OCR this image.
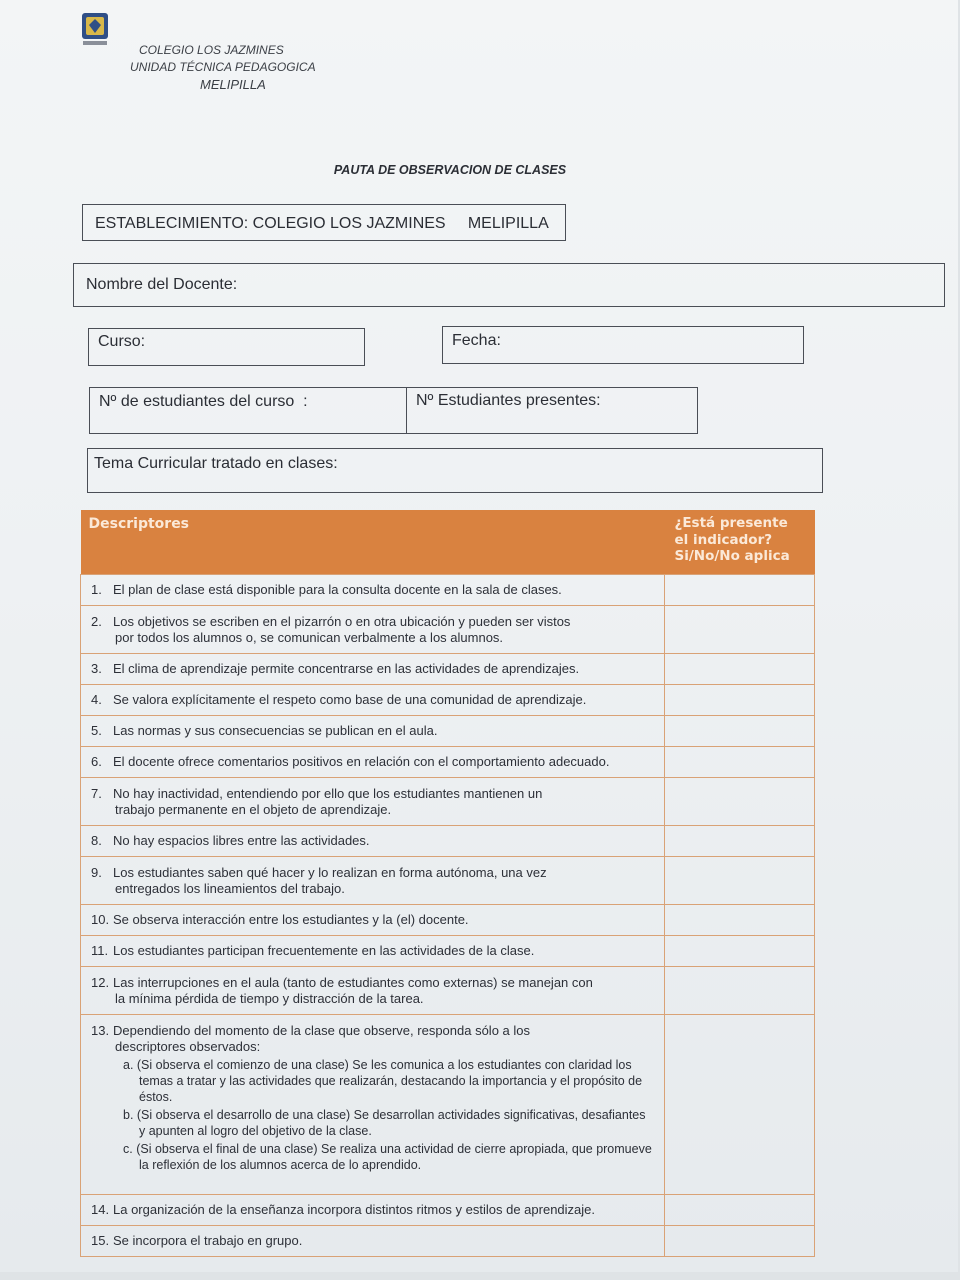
COLEGIO LOS JAZMINES
UNIDAD TÉCNICA PEDAGOGICA
MELIPILLA
PAUTA DE OBSERVACION DE CLASES
ESTABLECIMIENTO: COLEGIO LOS JAZMINES     MELIPILLA
Nombre del Docente:
Curso:	Fecha:
Nº de estudiantes del curso  :	Nº Estudiantes presentes:
Tema Curricular tratado en clases:
Descriptores	¿Está presente
el indicador?
Si/No/No aplica
1. El plan de clase está disponible para la consulta docente en la sala de clases.	
2. Los objetivos se escriben en el pizarrón o en otra ubicación y pueden ser vistos
por todos los alumnos o, se comunican verbalmente a los alumnos.	

3. El clima de aprendizaje permite concentrarse en las actividades de aprendizajes.	
4. Se valora explícitamente el respeto como base de una comunidad de aprendizaje.	
5. Las normas y sus consecuencias se publican en el aula.	
6. El docente ofrece comentarios positivos en relación con el comportamiento adecuado.	
7. No hay inactividad, entendiendo por ello que los estudiantes mantienen un
trabajo permanente en el objeto de aprendizaje.	

8. No hay espacios libres entre las actividades.	
9. Los estudiantes saben qué hacer y lo realizan en forma autónoma, una vez
entregados los lineamientos del trabajo.	

10. Se observa interacción entre los estudiantes y la (el) docente.	
11. Los estudiantes participan frecuentemente en las actividades de la clase.	
12. Las interrupciones en el aula (tanto de estudiantes como externas) se manejan con
la mínima pérdida de tiempo y distracción de la tarea.	

13. Dependiendo del momento de la clase que observe, responda sólo a los
descriptores observados:
a. (Si observa el comienzo de una clase) Se les comunica a los estudiantes con claridad los temas a tratar y las actividades que realizarán, destacando la importancia y el propósito de éstos.
b. (Si observa el desarrollo de una clase) Se desarrollan actividades significativas, desafiantes y apunten al logro del objetivo de la clase.
c. (Si observa el final de una clase) Se realiza una actividad de cierre apropiada, que promueve la reflexión de los alumnos acerca de lo aprendido.	

14. La organización de la enseñanza incorpora distintos ritmos y estilos de aprendizaje.	
15. Se incorpora el trabajo en grupo.	
